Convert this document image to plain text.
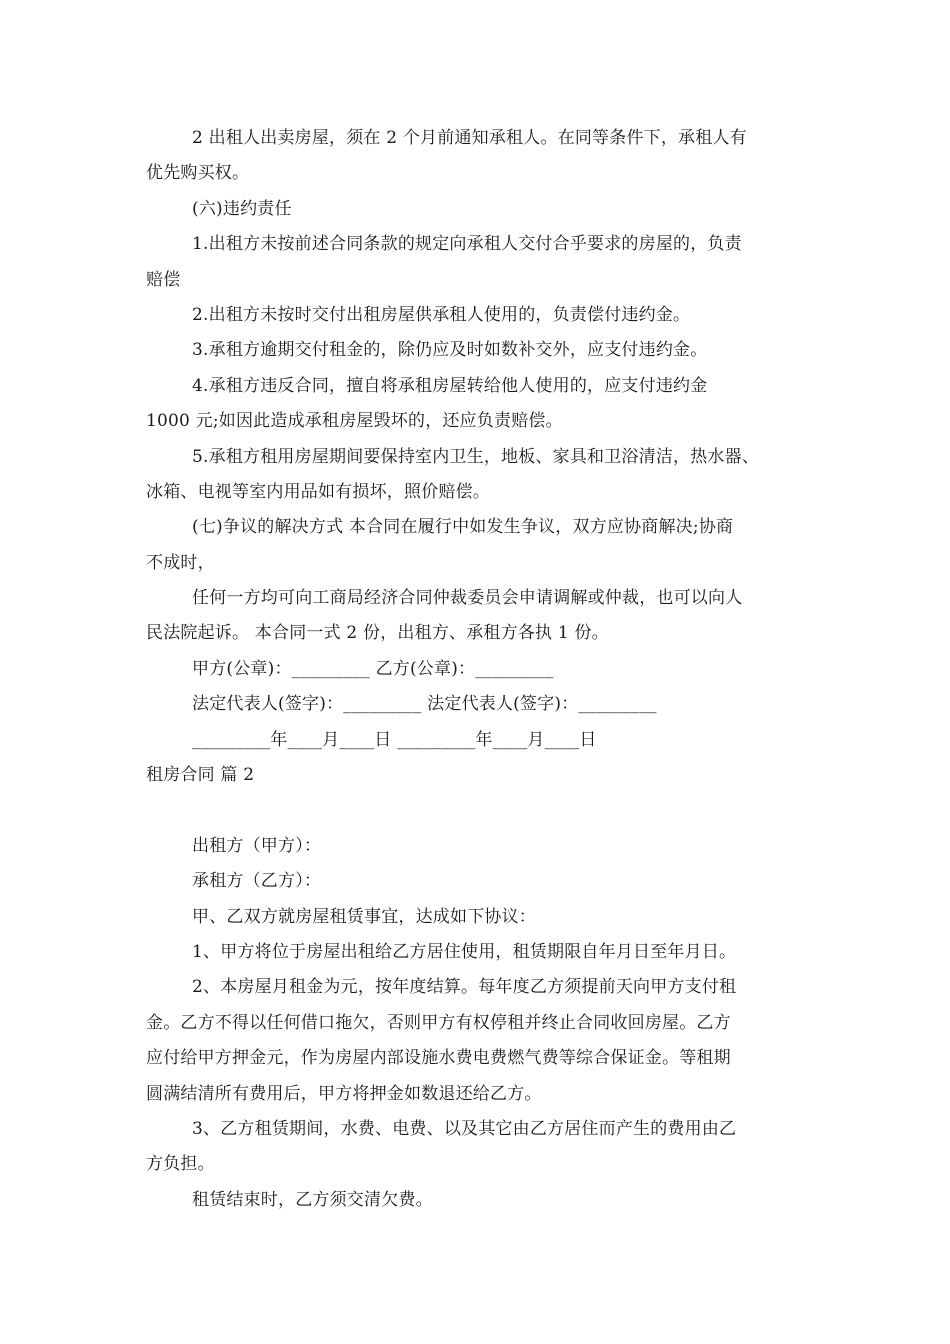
2 出租人出卖房屋，须在 2 个月前通知承租人。在同等条件下，承租人有
优先购买权。
(六)违约责任
1.出租方未按前述合同条款的规定向承租人交付合乎要求的房屋的，负责
赔偿
2.出租方未按时交付出租房屋供承租人使用的，负责偿付违约金。
3.承租方逾期交付租金的，除仍应及时如数补交外，应支付违约金。
4.承租方违反合同，擅自将承租房屋转给他人使用的，应支付违约金
1000 元;如因此造成承租房屋毁坏的，还应负责赔偿。
5.承租方租用房屋期间要保持室内卫生，地板、家具和卫浴清洁，热水器、
冰箱、电视等室内用品如有损坏，照价赔偿。
(七)争议的解决方式 本合同在履行中如发生争议，双方应协商解决;协商
不成时，
任何一方均可向工商局经济合同仲裁委员会申请调解或仲裁，也可以向人
民法院起诉。 本合同一式 2 份，出租方、承租方各执 1 份。
甲方(公章)：_________ 乙方(公章)：_________
法定代表人(签字)：_________ 法定代表人(签字)：_________
_________年____月____日 _________年____月____日
租房合同 篇 2
出租方（甲方）：
承租方（乙方）：
甲、乙双方就房屋租赁事宜，达成如下协议：
1、甲方将位于房屋出租给乙方居住使用，租赁期限自年月日至年月日。
2、本房屋月租金为元，按年度结算。每年度乙方须提前天向甲方支付租
金。乙方不得以任何借口拖欠，否则甲方有权停租并终止合同收回房屋。乙方
应付给甲方押金元，作为房屋内部设施水费电费燃气费等综合保证金。等租期
圆满结清所有费用后，甲方将押金如数退还给乙方。
3、乙方租赁期间，水费、电费、以及其它由乙方居住而产生的费用由乙
方负担。
租赁结束时，乙方须交清欠费。
